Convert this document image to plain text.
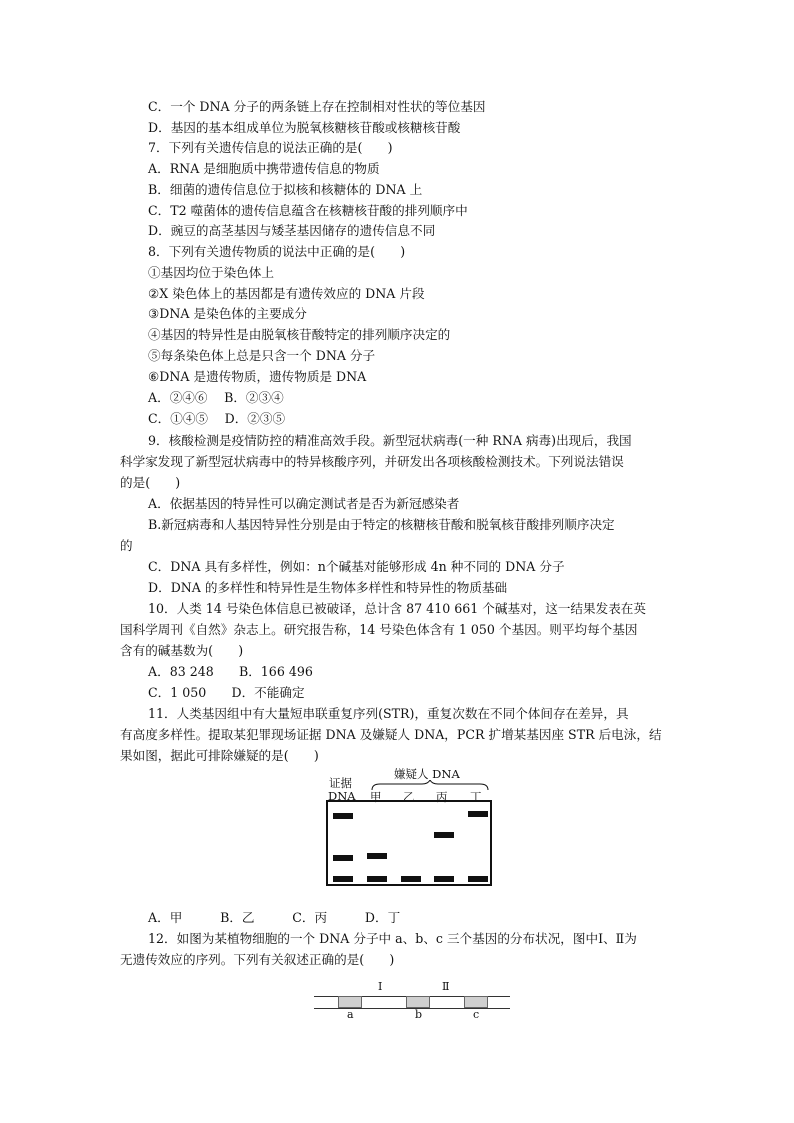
C．一个 DNA 分子的两条链上存在控制相对性状的等位基因
D．基因的基本组成单位为脱氧核糖核苷酸或核糖核苷酸
7．下列有关遗传信息的说法正确的是(　　)
A．RNA 是细胞质中携带遗传信息的物质
B．细菌的遗传信息位于拟核和核糖体的 DNA 上
C．T2 噬菌体的遗传信息蕴含在核糖核苷酸的排列顺序中
D．豌豆的高茎基因与矮茎基因储存的遗传信息不同
8．下列有关遗传物质的说法中正确的是(　　)
①基因均位于染色体上
②X 染色体上的基因都是有遗传效应的 DNA 片段
③DNA 是染色体的主要成分
④基因的特异性是由脱氧核苷酸特定的排列顺序决定的
⑤每条染色体上总是只含一个 DNA 分子
⑥DNA 是遗传物质，遗传物质是 DNA
A．②④⑥　 B．②③④
C．①④⑤　 D．②③⑤
9．核酸检测是疫情防控的精准高效手段。新型冠状病毒(一种 RNA 病毒)出现后，我国
科学家发现了新型冠状病毒中的特异核酸序列，并研发出各项核酸检测技术。下列说法错误
的是(　　)
A．依据基因的特异性可以确定测试者是否为新冠感染者
B.新冠病毒和人基因特异性分别是由于特定的核糖核苷酸和脱氧核苷酸排列顺序决定
的
C．DNA 具有多样性，例如：n个碱基对能够形成 4n 种不同的 DNA 分子
D．DNA 的多样性和特异性是生物体多样性和特异性的物质基础
10．人类 14 号染色体信息已被破译，总计含 87 410 661 个碱基对，这一结果发表在英
国科学周刊《自然》杂志上。研究报告称，14 号染色体含有 1 050 个基因。则平均每个基因
含有的碱基数为(　　)
A．83 248　　B．166 496
C．1 050　　D．不能确定
11．人类基因组中有大量短串联重复序列(STR)，重复次数在不同个体间存在差异，具
有高度多样性。提取某犯罪现场证据 DNA 及嫌疑人 DNA，PCR 扩增某基因座 STR 后电泳，结
果如图，据此可排除嫌疑的是(　　)
证据
DNA
嫌疑人 DNA
甲 乙 丙 丁
A．甲　　　B．乙　　　C．丙　　　D．丁
12．如图为某植物细胞的一个 DNA 分子中 a、b、c 三个基因的分布状况，图中Ⅰ、Ⅱ为
无遗传效应的序列。下列有关叙述正确的是(　　)
Ⅰ	Ⅱ
a	b	c
